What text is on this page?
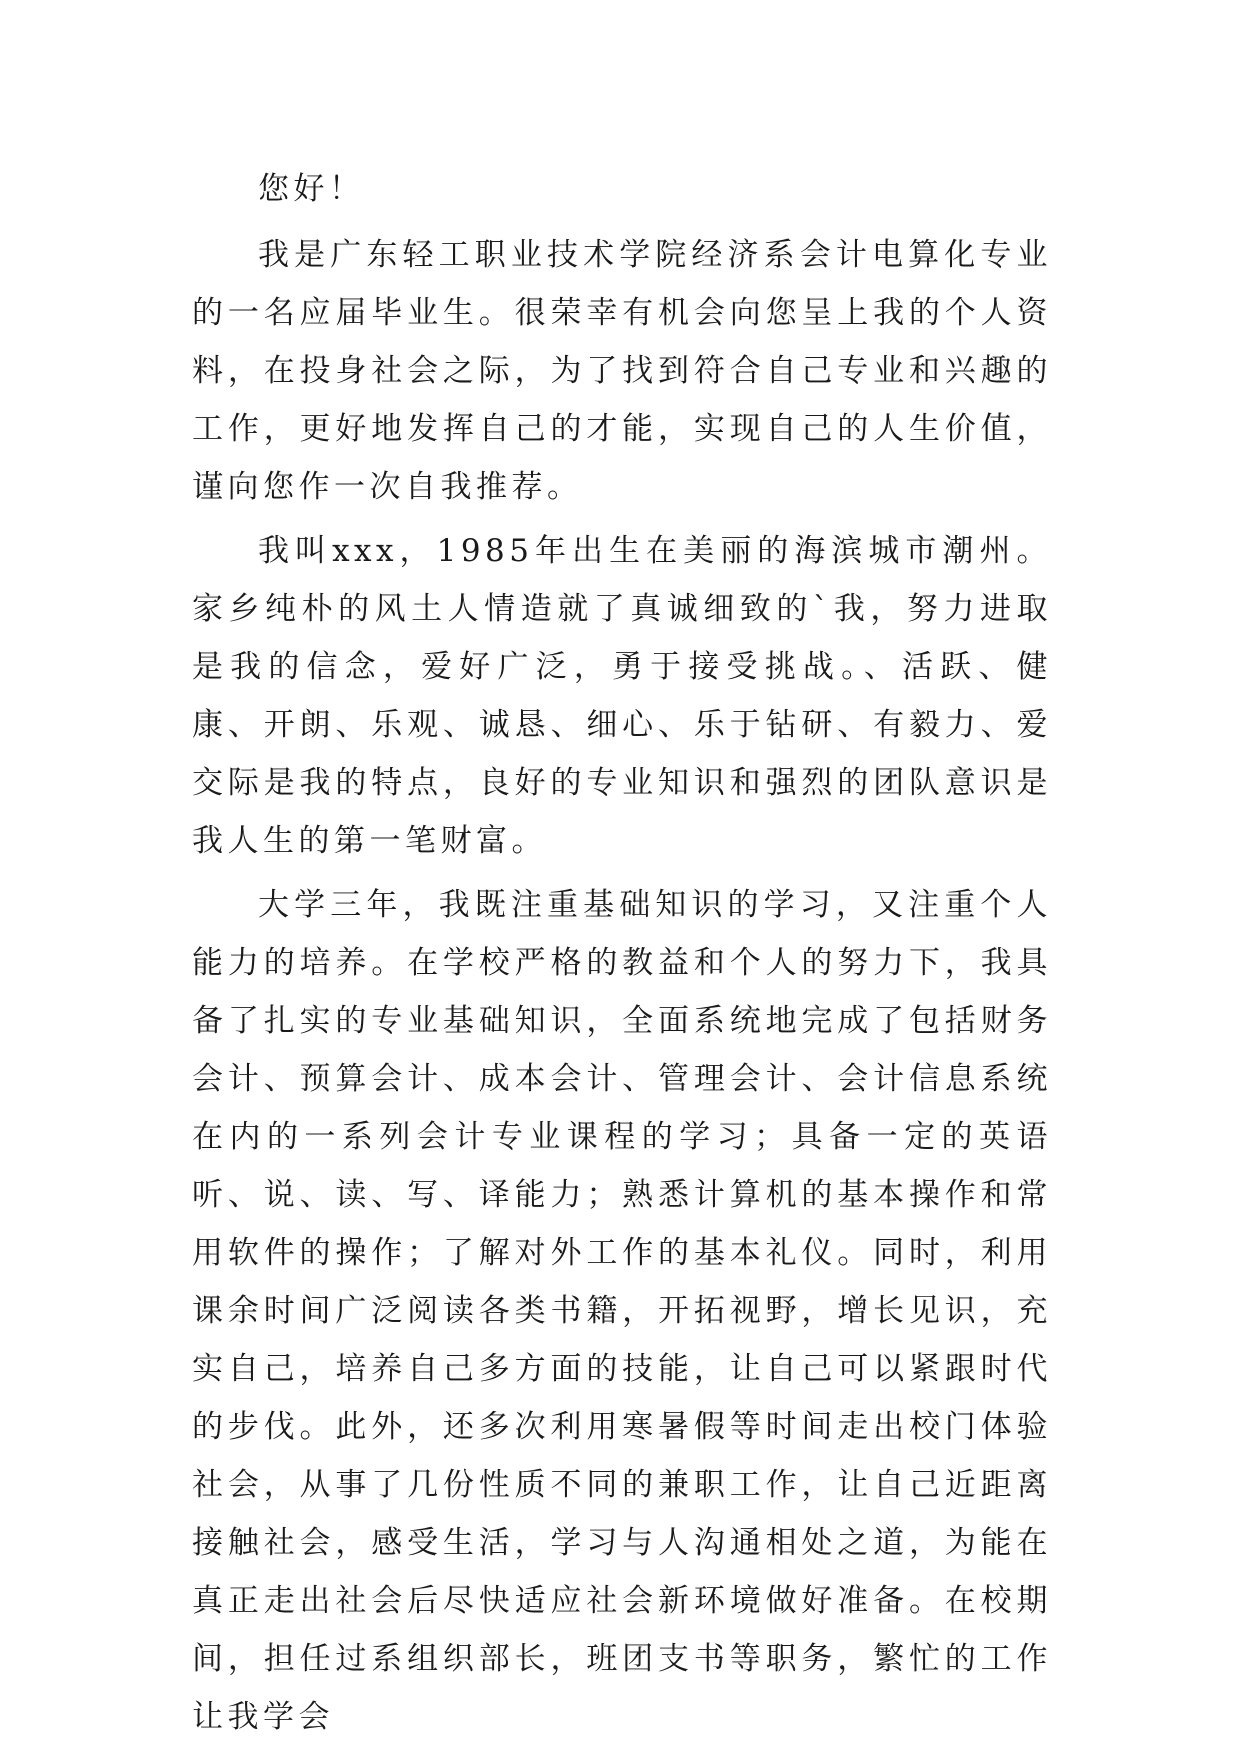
您好！

我是广东轻工职业技术学院经济系会计电算化专业的一名应届毕业生。很荣幸有机会向您呈上我的个人资料，在投身社会之际，为了找到符合自己专业和兴趣的工作，更好地发挥自己的才能，实现自己的人生价值，谨向您作一次自我推荐。

我叫xxx，1985年出生在美丽的海滨城市潮州。家乡纯朴的风土人情造就了真诚细致的`我，努力进取是我的信念，爱好广泛，勇于接受挑战。、活跃、健康、开朗、乐观、诚恳、细心、乐于钻研、有毅力、爱交际是我的特点，良好的专业知识和强烈的团队意识是我人生的第一笔财富。

大学三年，我既注重基础知识的学习，又注重个人能力的培养。在学校严格的教益和个人的努力下，我具备了扎实的专业基础知识，全面系统地完成了包括财务会计、预算会计、成本会计、管理会计、会计信息系统在内的一系列会计专业课程的学习；具备一定的英语听、说、读、写、译能力；熟悉计算机的基本操作和常用软件的操作；了解对外工作的基本礼仪。同时，利用课余时间广泛阅读各类书籍，开拓视野，增长见识，充实自己，培养自己多方面的技能，让自己可以紧跟时代的步伐。此外，还多次利用寒暑假等时间走出校门体验社会，从事了几份性质不同的兼职工作，让自己近距离接触社会，感受生活，学习与人沟通相处之道，为能在真正走出社会后尽快适应社会新环境做好准备。在校期间，担任过系组织部长，班团支书等职务，繁忙的工作让我学会
